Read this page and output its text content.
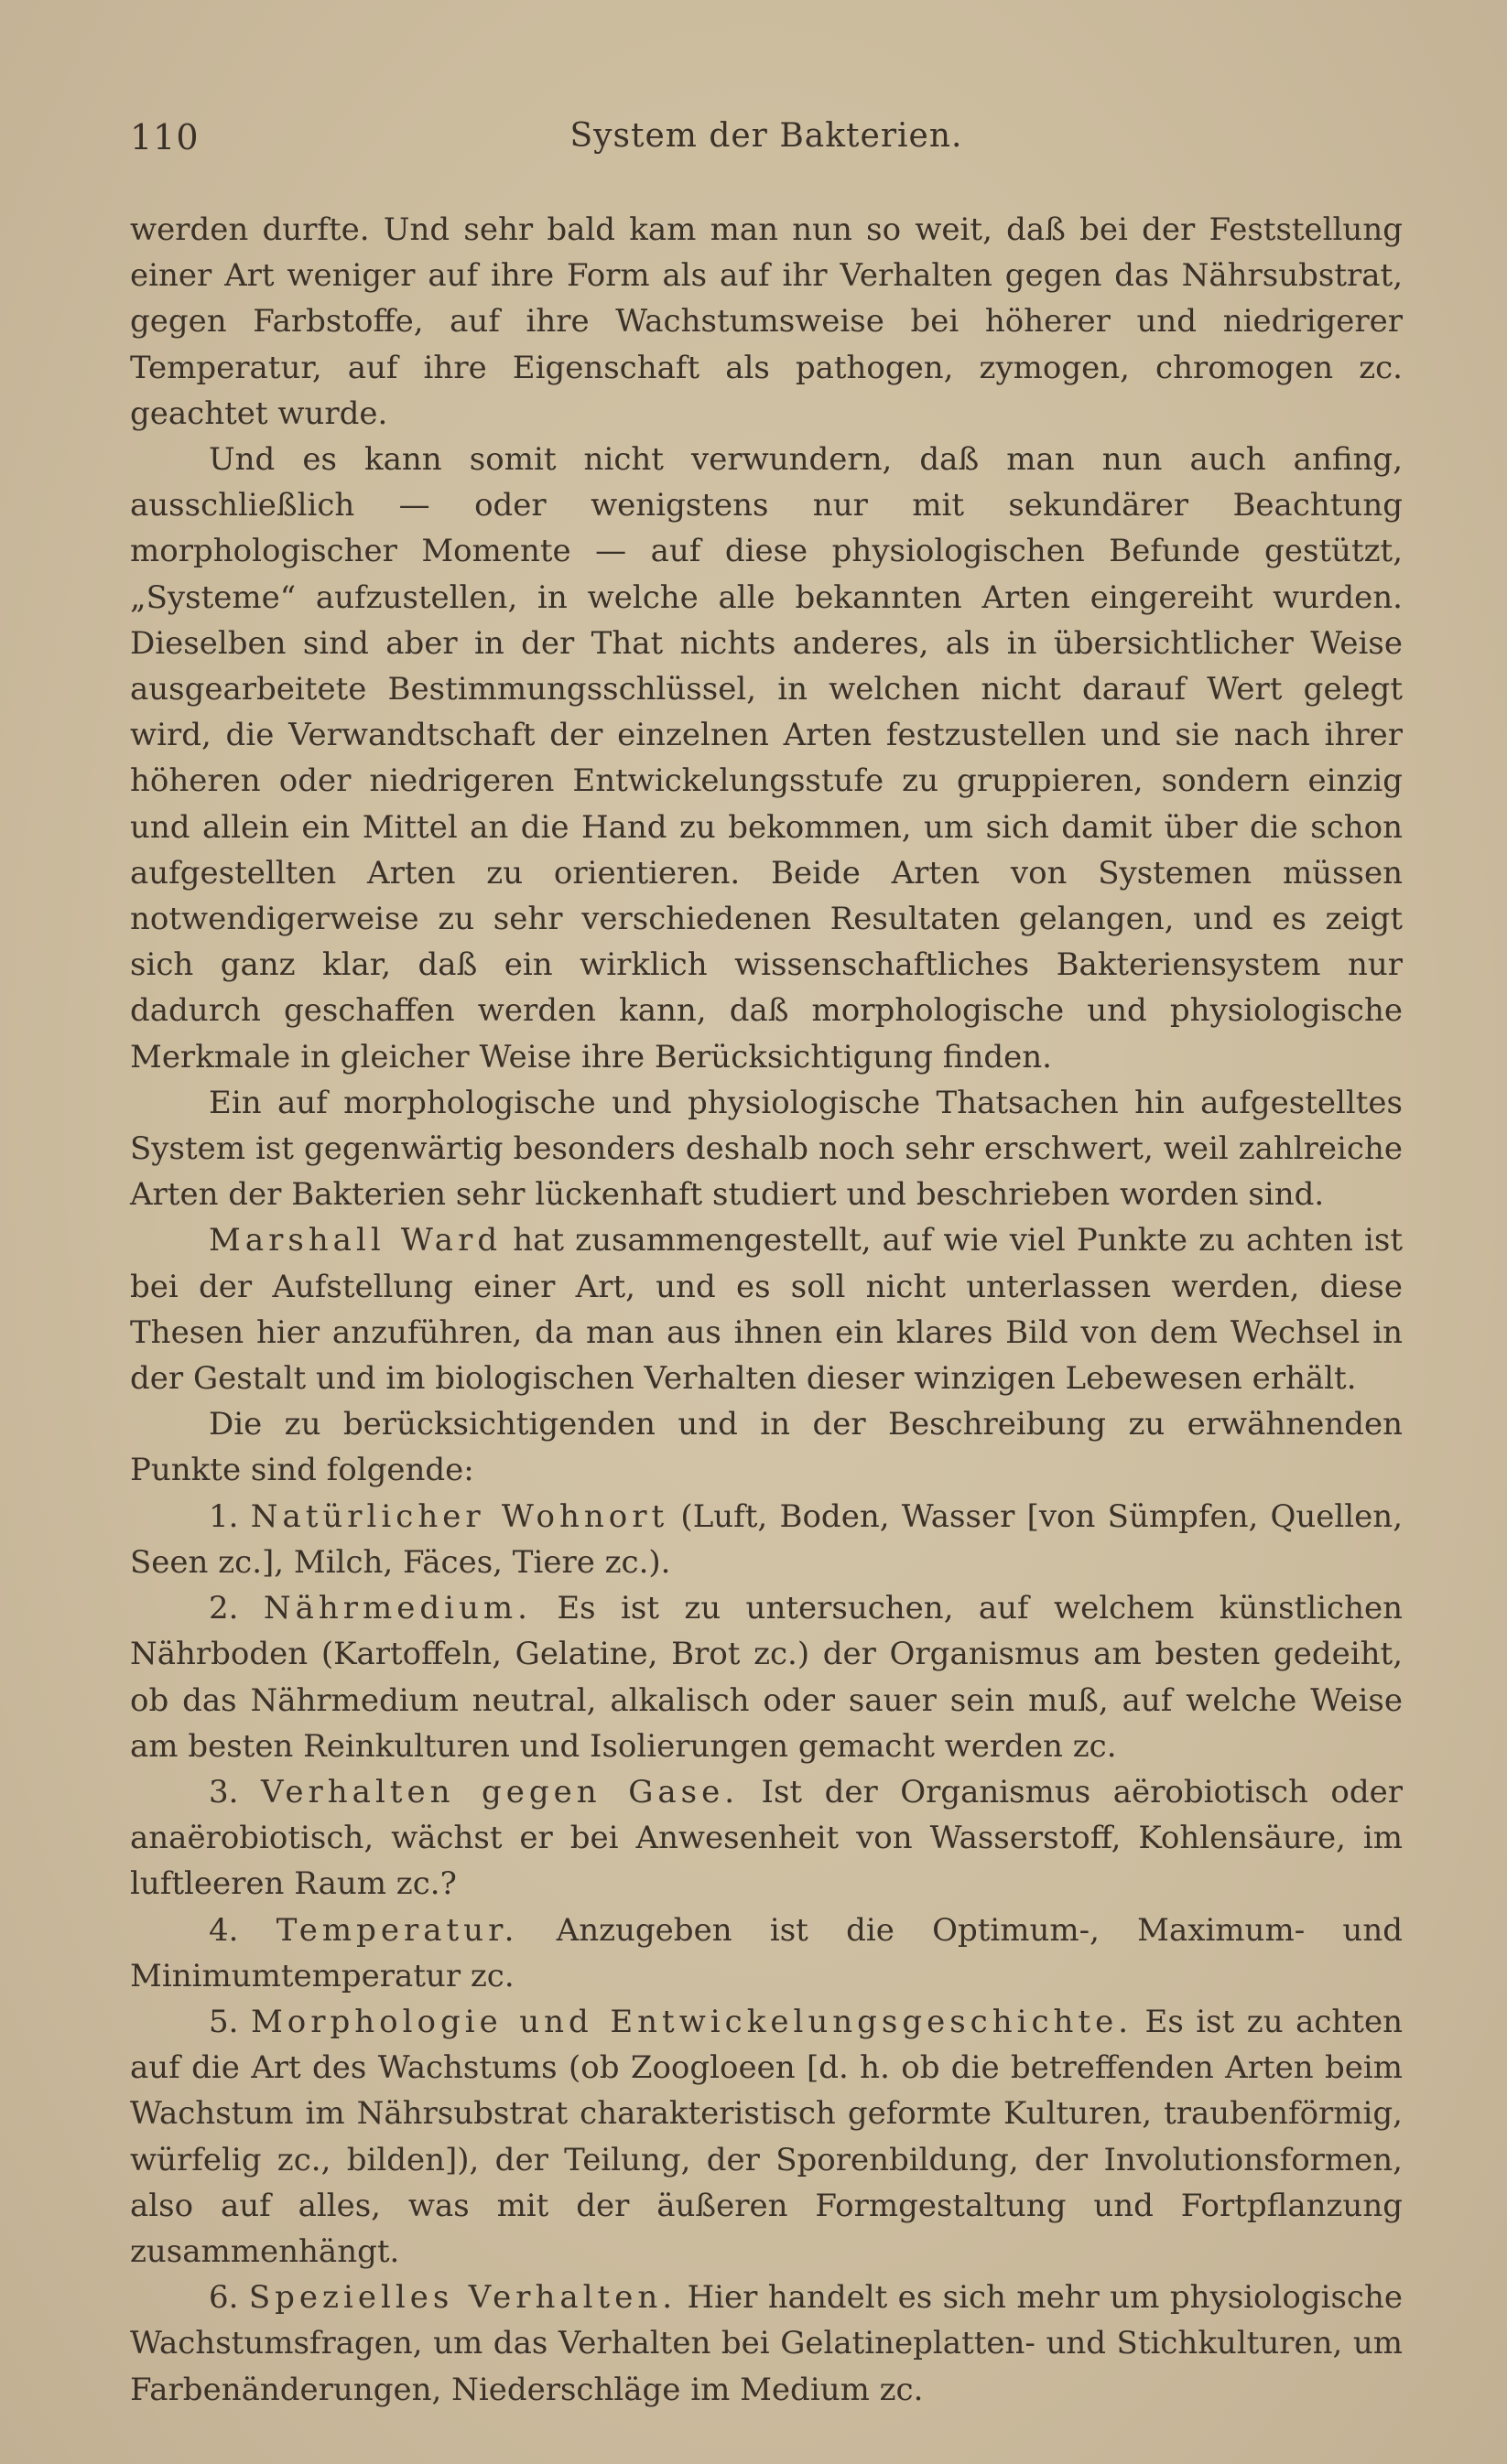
110	System der Bakterien.

werden durfte. Und sehr bald kam man nun so weit, daß bei der Feststellung einer Art weniger auf ihre Form als auf ihr Verhalten gegen das Nährsubstrat, gegen Farbstoffe, auf ihre Wachstumsweise bei höherer und niedrigerer Temperatur, auf ihre Eigenschaft als pathogen, zymogen, chromogen zc. geachtet wurde.

Und es kann somit nicht verwundern, daß man nun auch anfing, ausschließlich — oder wenigstens nur mit sekundärer Beachtung morphologischer Momente — auf diese physiologischen Befunde gestützt, „Systeme“ aufzustellen, in welche alle bekannten Arten eingereiht wurden. Dieselben sind aber in der That nichts anderes, als in übersichtlicher Weise ausgearbeitete Bestimmungsschlüssel, in welchen nicht darauf Wert gelegt wird, die Verwandtschaft der einzelnen Arten festzustellen und sie nach ihrer höheren oder niedrigeren Entwickelungsstufe zu gruppieren, sondern einzig und allein ein Mittel an die Hand zu bekommen, um sich damit über die schon aufgestellten Arten zu orientieren. Beide Arten von Systemen müssen notwendigerweise zu sehr verschiedenen Resultaten gelangen, und es zeigt sich ganz klar, daß ein wirklich wissenschaftliches Bakteriensystem nur dadurch geschaffen werden kann, daß morphologische und physiologische Merkmale in gleicher Weise ihre Berücksichtigung finden.

Ein auf morphologische und physiologische Thatsachen hin aufgestelltes System ist gegenwärtig besonders deshalb noch sehr erschwert, weil zahlreiche Arten der Bakterien sehr lückenhaft studiert und beschrieben worden sind.

Marshall Ward hat zusammengestellt, auf wie viel Punkte zu achten ist bei der Aufstellung einer Art, und es soll nicht unterlassen werden, diese Thesen hier anzuführen, da man aus ihnen ein klares Bild von dem Wechsel in der Gestalt und im biologischen Verhalten dieser winzigen Lebewesen erhält.

Die zu berücksichtigenden und in der Beschreibung zu erwähnenden Punkte sind folgende:

1. Natürlicher Wohnort (Luft, Boden, Wasser [von Sümpfen, Quellen, Seen zc.], Milch, Fäces, Tiere zc.).

2. Nährmedium. Es ist zu untersuchen, auf welchem künstlichen Nährboden (Kartoffeln, Gelatine, Brot zc.) der Organismus am besten gedeiht, ob das Nährmedium neutral, alkalisch oder sauer sein muß, auf welche Weise am besten Reinkulturen und Isolierungen gemacht werden zc.

3. Verhalten gegen Gase. Ist der Organismus aërobiotisch oder anaërobiotisch, wächst er bei Anwesenheit von Wasserstoff, Kohlensäure, im luftleeren Raum zc.?

4. Temperatur. Anzugeben ist die Optimum-, Maximum- und Minimumtemperatur zc.

5. Morphologie und Entwickelungsgeschichte. Es ist zu achten auf die Art des Wachstums (ob Zoogloeen [d. h. ob die betreffenden Arten beim Wachstum im Nährsubstrat charakteristisch geformte Kulturen, traubenförmig, würfelig zc., bilden]), der Teilung, der Sporenbildung, der Involutionsformen, also auf alles, was mit der äußeren Formgestaltung und Fortpflanzung zusammenhängt.

6. Spezielles Verhalten. Hier handelt es sich mehr um physiologische Wachstumsfragen, um das Verhalten bei Gelatineplatten- und Stichkulturen, um Farbenänderungen, Niederschläge im Medium zc.
